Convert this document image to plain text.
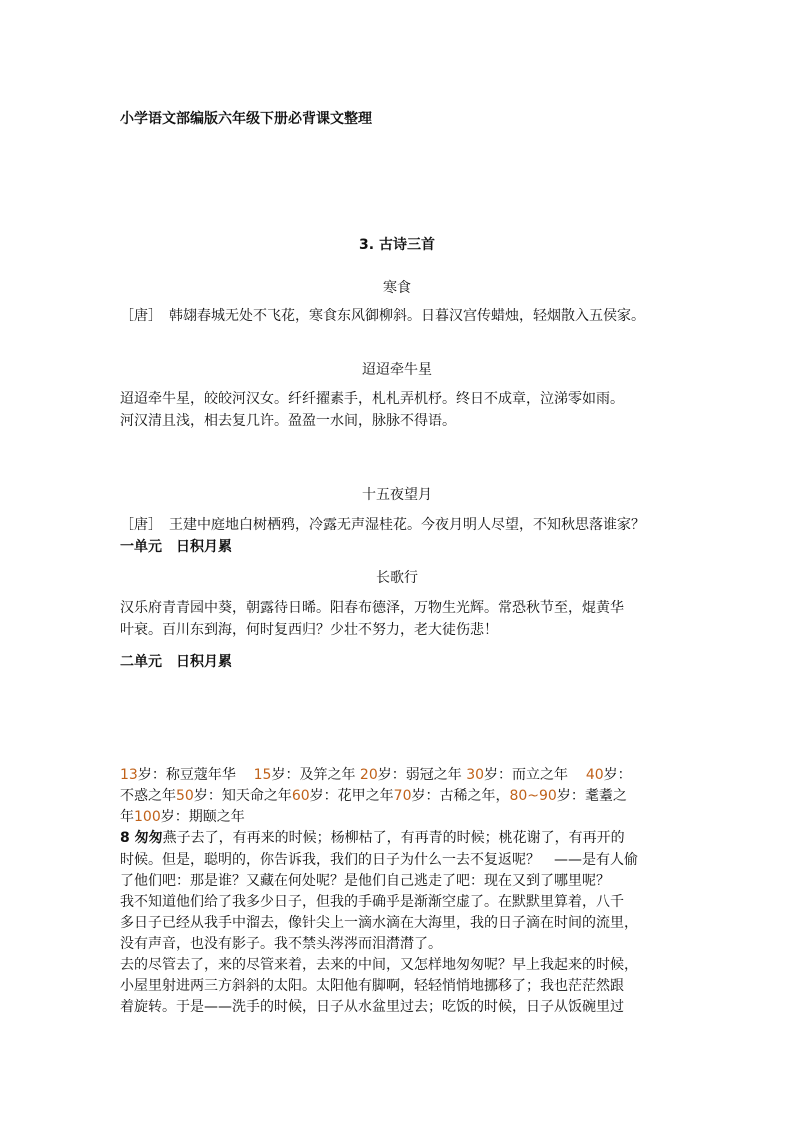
小学语文部编版六年级下册必背课文整理
3. 古诗三首
寒食
［唐］　韩翃春城无处不飞花，寒食东风御柳斜。日暮汉宫传蜡烛，轻烟散入五侯家。
迢迢牵牛星
迢迢牵牛星，皎皎河汉女。纤纤擢素手，札札弄机杼。终日不成章，泣涕零如雨。
河汉清且浅，相去复几许。盈盈一水间，脉脉不得语。
十五夜望月
［唐］　王建中庭地白树栖鸦，冷露无声湿桂花。今夜月明人尽望，不知秋思落谁家？
一单元　日积月累
长歌行
汉乐府青青园中葵，朝露待日晞。阳春布德泽，万物生光辉。常恐秋节至，焜黄华
叶衰。百川东到海，何时复西归？少壮不努力，老大徒伤悲！
二单元　日积月累
13岁：称豆蔻年华 15岁：及笄之年 20岁：弱冠之年 30岁：而立之年 40岁：
不惑之年50岁：知天命之年60岁：花甲之年70岁：古稀之年，80~90岁：耄耋之
年100岁：期颐之年
8 匆匆燕子去了，有再来的时候；杨柳枯了，有再青的时候；桃花谢了，有再开的
时候。但是，聪明的，你告诉我，我们的日子为什么一去不复返呢？　——是有人偷
了他们吧：那是谁？又藏在何处呢？是他们自己逃走了吧：现在又到了哪里呢？
我不知道他们给了我多少日子，但我的手确乎是渐渐空虚了。在默默里算着，八千
多日子已经从我手中溜去，像针尖上一滴水滴在大海里，我的日子滴在时间的流里，
没有声音，也没有影子。我不禁头涔涔而泪潸潸了。
去的尽管去了，来的尽管来着，去来的中间，又怎样地匆匆呢？早上我起来的时候，
小屋里射进两三方斜斜的太阳。太阳他有脚啊，轻轻悄悄地挪移了；我也茫茫然跟
着旋转。于是——洗手的时候，日子从水盆里过去；吃饭的时候，日子从饭碗里过
